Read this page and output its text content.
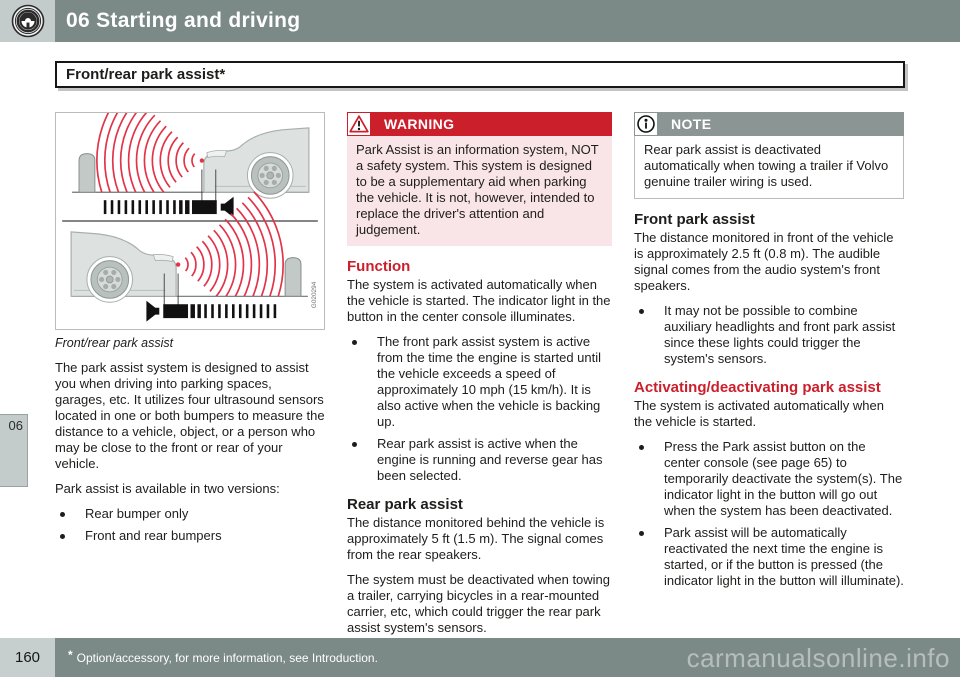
06 Starting and driving
Front/rear park assist*
06
G020294
Front/rear park assist

The park assist system is designed to assist you when driving into parking spaces, garages, etc. It utilizes four ultrasound sensors located in one or both bumpers to measure the distance to a vehicle, object, or a person who may be close to the front or rear of your vehicle.

Park assist is available in two versions:

Rear bumper only
Front and rear bumpers
WARNING
Park Assist is an information system, NOT a safety system. This system is designed to be a supplementary aid when parking the vehicle. It is not, however, intended to replace the driver's attention and judgement.
Function

The system is activated automatically when the vehicle is started. The indicator light in the button in the center console illuminates.

The front park assist system is active from the time the engine is started until the vehicle exceeds a speed of approximately 10 mph (15 km/h). It is also active when the vehicle is backing up.
Rear park assist is active when the engine is running and reverse gear has been selected.
Rear park assist

The distance monitored behind the vehicle is approximately 5 ft (1.5 m). The signal comes from the rear speakers.

The system must be deactivated when towing a trailer, carrying bicycles in a rear-mounted carrier, etc, which could trigger the rear park assist system's sensors.

NOTE
Rear park assist is deactivated automatically when towing a trailer if Volvo genuine trailer wiring is used.
Front park assist

The distance monitored in front of the vehicle is approximately 2.5 ft (0.8 m). The audible signal comes from the audio system's front speakers.

It may not be possible to combine auxiliary headlights and front park assist since these lights could trigger the system's sensors.
Activating/deactivating park assist

The system is activated automatically when the vehicle is started.

Press the Park assist button on the center console (see page 65) to temporarily deactivate the system(s). The indicator light in the button will go out when the system has been deactivated.
Park assist will be automatically reactivated the next time the engine is started, or if the button is pressed (the indicator light in the button will illuminate).
160	* Option/accessory, for more information, see Introduction.	carmanualsonline.info
